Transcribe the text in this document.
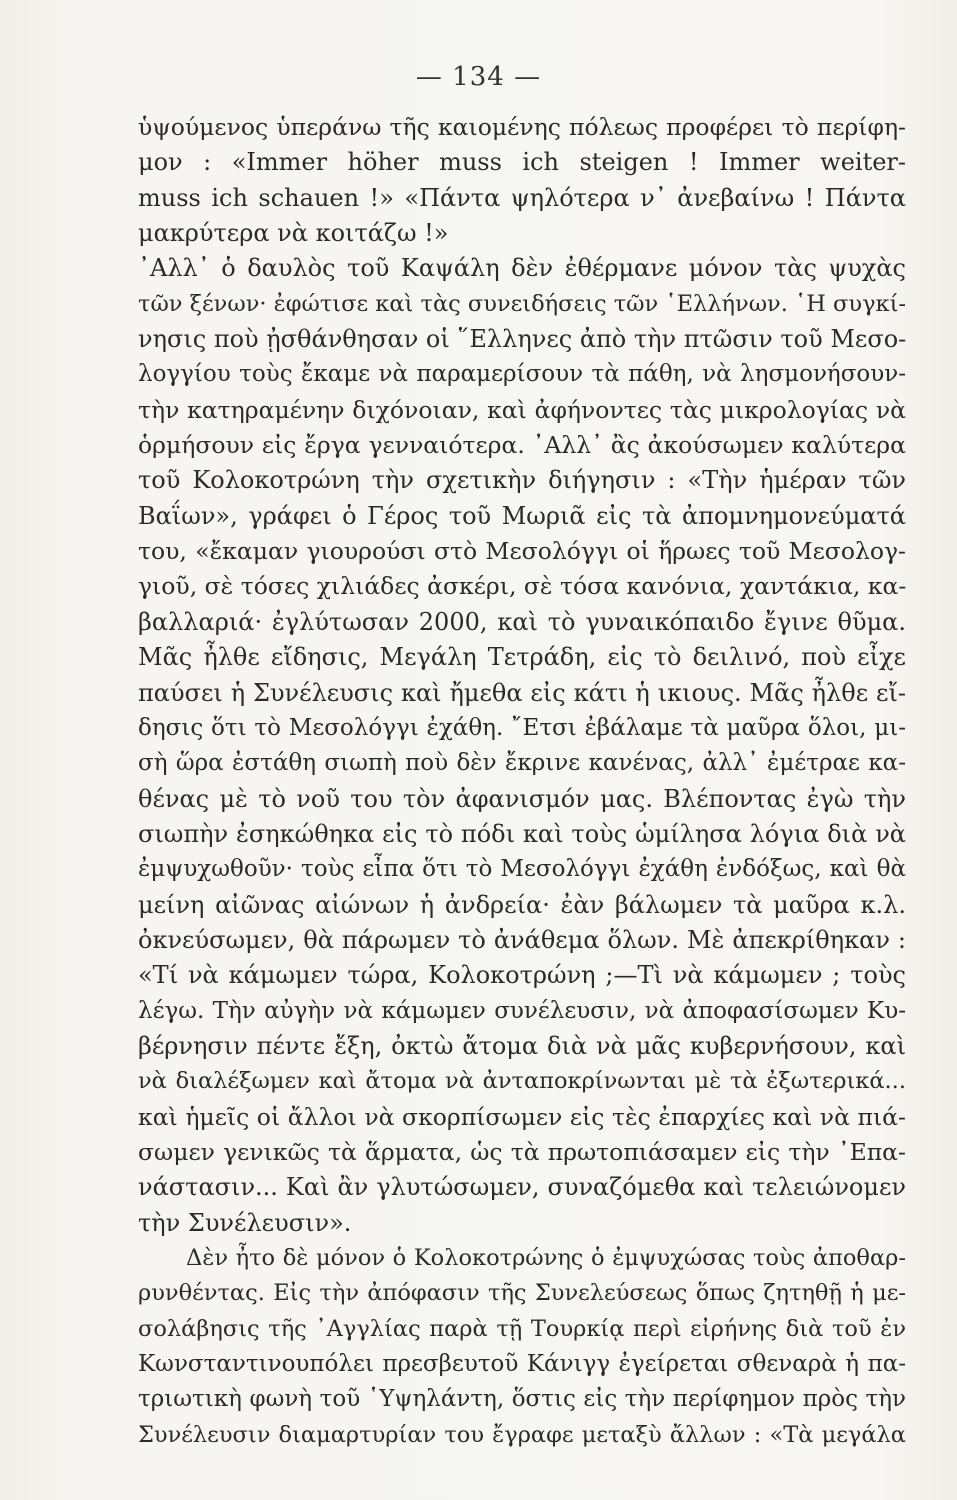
— 134 —
ὑψούμενος ὑπεράνω τῆς καιομένης πόλεως προφέρει τὸ περίφη-
μον : «Immer höher muss ich steigen ! Immer weiter-
muss ich schauen !» «Πάντα ψηλότερα ν᾿ ἀνεβαίνω ! Πάντα
μακρύτερα νὰ κοιτάζω !»
᾿Αλλ᾿ ὁ δαυλὸς τοῦ Καψάλη δὲν ἐθέρμανε μόνον τὰς ψυχὰς
τῶν ξένων· ἐφώτισε καὶ τὰς συνειδήσεις τῶν ῾Ελλήνων. ῾Η συγκί-
νησις ποὺ ᾐσθάνθησαν οἱ ῞Ελληνες ἀπὸ τὴν πτῶσιν τοῦ Μεσο-
λογγίου τοὺς ἔκαμε νὰ παραμερίσουν τὰ πάθη, νὰ λησμονήσουν-
τὴν κατηραμένην διχόνοιαν, καὶ ἀφήνοντες τὰς μικρολογίας νὰ
ὁρμήσουν εἰς ἔργα γενναιότερα. ᾿Αλλ᾿ ἂς ἀκούσωμεν καλύτερα
τοῦ Κολοκοτρώνη τὴν σχετικὴν διήγησιν : «Τὴν ἡμέραν τῶν
Βαΐων», γράφει ὁ Γέρος τοῦ Μωριᾶ εἰς τὰ ἀπομνημονεύματά
του, «ἔκαμαν γιουρούσι στὸ Μεσολόγγι οἱ ἥρωες τοῦ Μεσολογ-
γιοῦ, σὲ τόσες χιλιάδες ἀσκέρι, σὲ τόσα κανόνια, χαντάκια, κα-
βαλλαριά· ἐγλύτωσαν 2000, καὶ τὸ γυναικόπαιδο ἔγινε θῦμα.
Μᾶς ἦλθε εἴδησις, Μεγάλη Τετράδη, εἰς τὸ δειλινό, ποὺ εἶχε
παύσει ἡ Συνέλευσις καὶ ἤμεθα εἰς κάτι ἡ ικιους. Μᾶς ἦλθε εἴ-
δησις ὅτι τὸ Μεσολόγγι ἐχάθη. ῎Ετσι ἐβάλαμε τὰ μαῦρα ὅλοι, μι-
σὴ ὥρα ἐστάθη σιωπὴ ποὺ δὲν ἔκρινε κανένας, ἀλλ᾿ ἐμέτραε κα-
θένας μὲ τὸ νοῦ του τὸν ἀφανισμόν μας. Βλέποντας ἐγὼ τὴν
σιωπὴν ἐσηκώθηκα εἰς τὸ πόδι καὶ τοὺς ὡμίλησα λόγια διὰ νὰ
ἐμψυχωθοῦν· τοὺς εἶπα ὅτι τὸ Μεσολόγγι ἐχάθη ἐνδόξως, καὶ θὰ
μείνη αἰῶνας αἰώνων ἡ ἀνδρεία· ἐὰν βάλωμεν τὰ μαῦρα κ.λ.
ὀκνεύσωμεν, θὰ πάρωμεν τὸ ἀνάθεμα ὅλων. Μὲ ἀπεκρίθηκαν :
«Τί νὰ κάμωμεν τώρα, Κολοκοτρώνη ;—Τὶ νὰ κάμωμεν ; τοὺς
λέγω. Τὴν αὐγὴν νὰ κάμωμεν συνέλευσιν, νὰ ἀποφασίσωμεν Κυ-
βέρνησιν πέντε ἔξη, ὀκτὼ ἄτομα διὰ νὰ μᾶς κυβερνήσουν, καὶ
νὰ διαλέξωμεν καὶ ἄτομα νὰ ἀνταποκρίνωνται μὲ τὰ ἐξωτερικά...
καὶ ἡμεῖς οἱ ἄλλοι νὰ σκορπίσωμεν εἰς τὲς ἐπαρχίες καὶ νὰ πιά-
σωμεν γενικῶς τὰ ἅρματα, ὡς τὰ πρωτοπιάσαμεν εἰς τὴν ᾿Επα-
νάστασιν... Καὶ ἂν γλυτώσωμεν, συναζόμεθα καὶ τελειώνομεν
τὴν Συνέλευσιν».
Δὲν ἦτο δὲ μόνον ὁ Κολοκοτρώνης ὁ ἐμψυχώσας τοὺς ἀποθαρ-
ρυνθέντας. Εἰς τὴν ἀπόφασιν τῆς Συνελεύσεως ὅπως ζητηθῇ ἡ με-
σολάβησις τῆς ᾿Αγγλίας παρὰ τῇ Τουρκίᾳ περὶ εἰρήνης διὰ τοῦ ἐν
Κωνσταντινουπόλει πρεσβευτοῦ Κάνιγγ ἐγείρεται σθεναρὰ ἡ πα-
τριωτικὴ φωνὴ τοῦ ῾Υψηλάντη, ὅστις εἰς τὴν περίφημον πρὸς τὴν
Συνέλευσιν διαμαρτυρίαν του ἔγραφε μεταξὺ ἄλλων : «Τὰ μεγάλα
